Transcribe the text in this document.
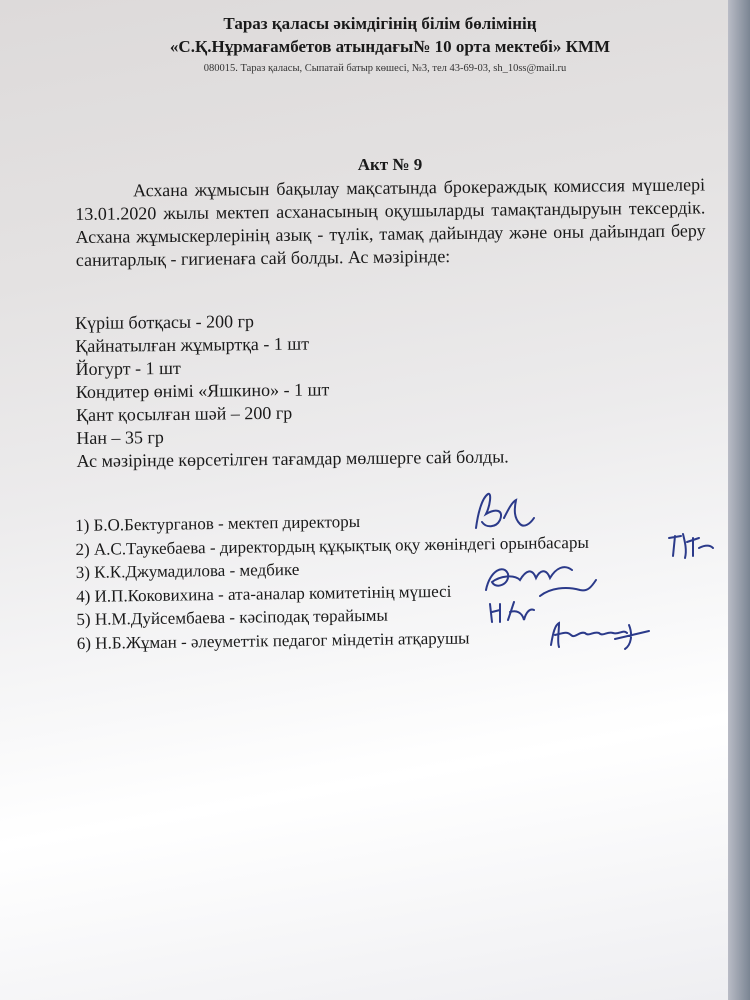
Тараз қаласы әкімдігінің білім бөлімінің
«С.Қ.Нұрмағамбетов атындағы№ 10 орта мектебі» КММ
080015. Тараз қаласы, Сыпатай батыр көшесі, №3, тел 43-69-03, sh_10ss@mail.ru
Акт № 9
Асхана жұмысын бақылау мақсатында брокераждық комиссия мүшелері 13.01.2020 жылы мектеп асханасының оқушыларды тамақтандыруын тексердік. Асхана жұмыскерлерінің азық - түлік, тамақ дайындау және оны дайындап беру санитарлық - гигиенаға сай болды. Ас мәзірінде:
Күріш ботқасы - 200 гр
Қайнатылған жұмыртқа - 1 шт
Йогурт - 1 шт
Кондитер өнімі «Яшкино» - 1 шт
Қант қосылған шәй – 200 гр
Нан – 35 гр
Ас мәзірінде көрсетілген тағамдар мөлшерге сай болды.
1) Б.О.Бектурганов - мектеп директоры
2) А.С.Таукебаева - директордың құқықтық оқу жөніндегі орынбасары
3) К.К.Джумадилова - медбике
4) И.П.Коковихина - ата-аналар комитетінің мүшесі
5) Н.М.Дуйсембаева - кәсіподақ төрайымы
6) Н.Б.Жұман - әлеуметтік педагог міндетін атқарушы
